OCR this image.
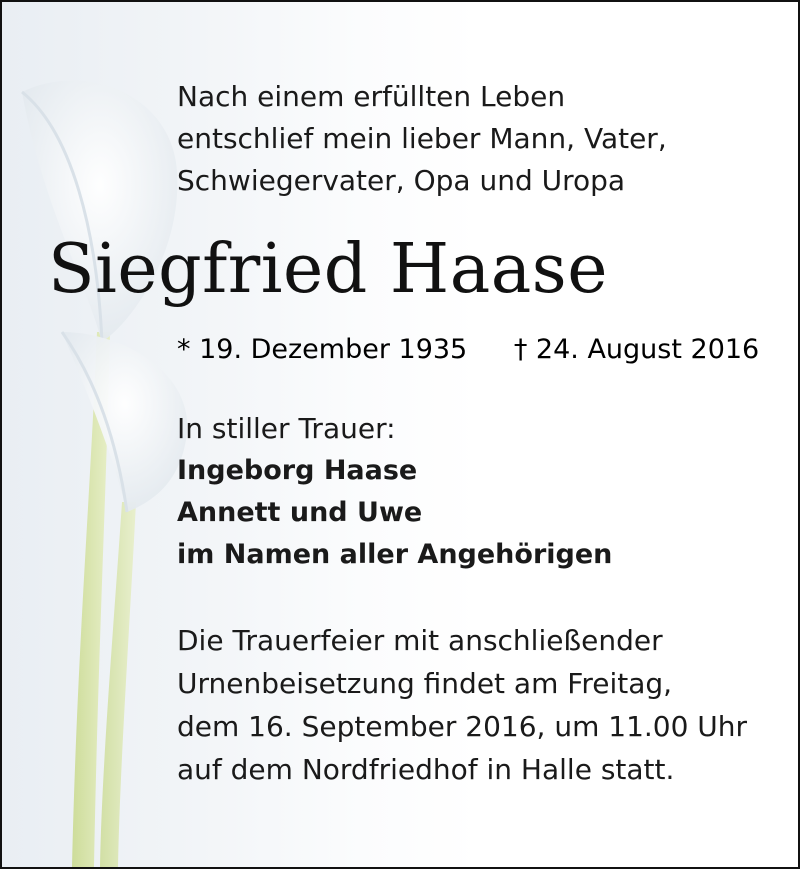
Nach einem erfüllten Leben
entschlief mein lieber Mann, Vater,
Schwiegervater, Opa und Uropa
Siegfried Haase
* 19. Dezember 1935 † 24. August 2016
In stiller Trauer:
Ingeborg Haase
Annett und Uwe
im Namen aller Angehörigen
Die Trauerfeier mit anschließender
Urnenbeisetzung findet am Freitag,
dem 16. September 2016, um 11.00 Uhr
auf dem Nordfriedhof in Halle statt.
